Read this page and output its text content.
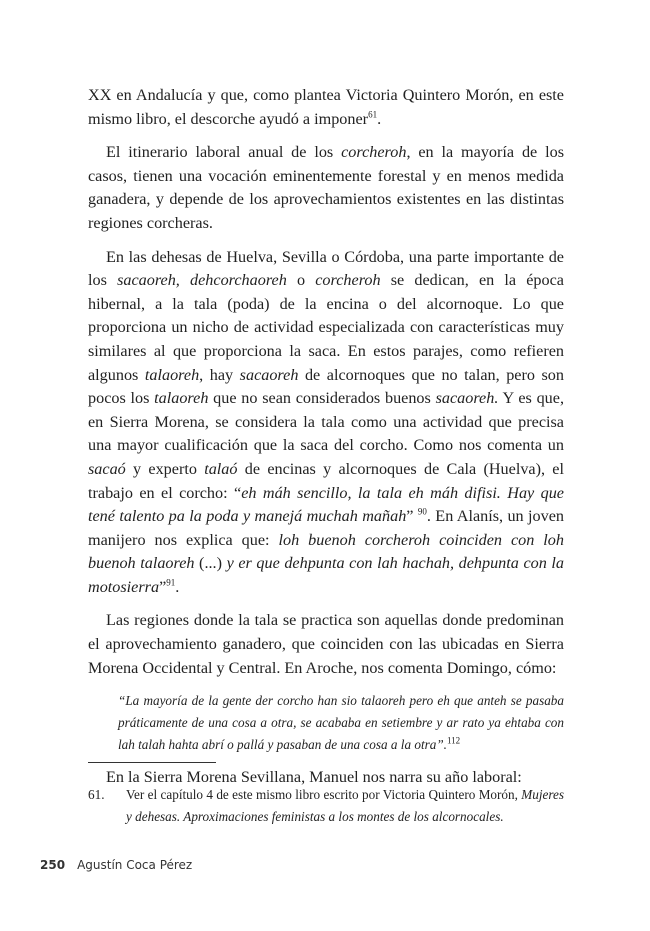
XX en Andalucía y que, como plantea Victoria Quintero Morón, en este mismo libro, el descorche ayudó a imponer$^{61}$.

El itinerario laboral anual de los corcheroh, en la mayoría de los casos, tienen una vocación eminentemente forestal y en menos medida ganadera, y depende de los aprovechamientos existentes en las distintas regiones corcheras.

En las dehesas de Huelva, Sevilla o Córdoba, una parte importante de los sacaoreh, dehcorchaoreh o corcheroh se dedican, en la época hibernal, a la tala (poda) de la encina o del alcornoque. Lo que proporciona un nicho de actividad especializada con características muy similares al que proporciona la saca. En estos parajes, como refieren algunos talaoreh, hay sacaoreh de alcornoques que no talan, pero son pocos los talaoreh que no sean considerados buenos sacaoreh. Y es que, en Sierra Morena, se considera la tala como una actividad que precisa una mayor cualificación que la saca del corcho. Como nos comenta un sacaó y experto talaó de encinas y alcornoques de Cala (Huelva), el trabajo en el corcho: “eh máh sencillo, la tala eh máh difisi. Hay que tené talento pa la poda y manejá muchah mañah” $^{90}$. En Alanís, un joven manijero nos explica que: loh buenoh corcheroh coinciden con loh buenoh talaoreh (...) y er que dehpunta con lah hachah, dehpunta con la motosierra”$^{91}$.

Las regiones donde la tala se practica son aquellas donde predominan el aprovechamiento ganadero, que coinciden con las ubicadas en Sierra Morena Occidental y Central. En Aroche, nos comenta Domingo, cómo:

“La mayoría de la gente der corcho han sio talaoreh pero eh que anteh se pasaba práticamente de una cosa a otra, se acababa en setiembre y ar rato ya ehtaba con lah talah hahta abrí o pallá y pasaban de una cosa a la otra”.$^{112}$

En la Sierra Morena Sevillana, Manuel nos narra su año laboral:

61. Ver el capítulo 4 de este mismo libro escrito por Victoria Quintero Morón, Mujeres y dehesas. Aproximaciones feministas a los montes de los alcornocales.
250 Agustín Coca Pérez
